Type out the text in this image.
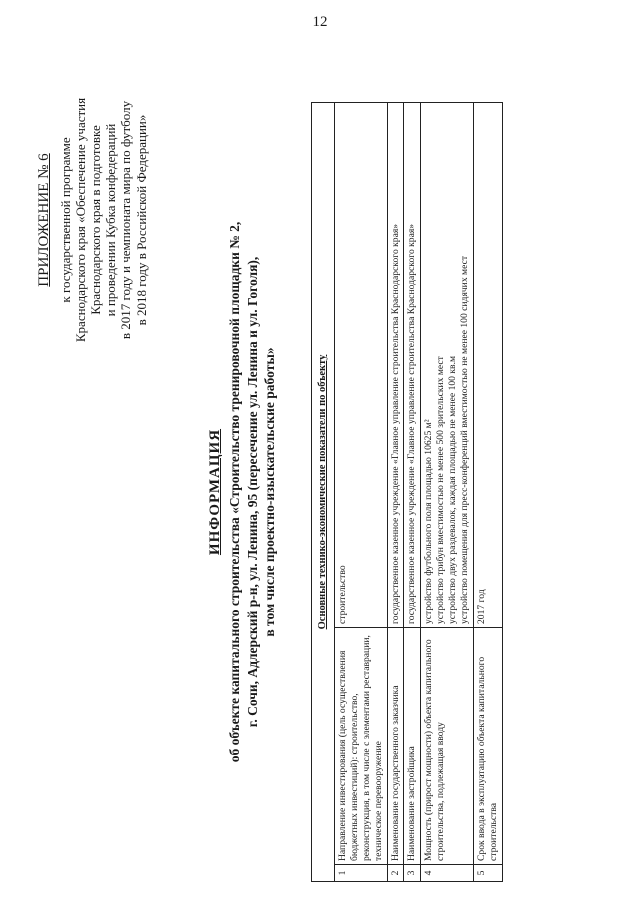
12
ПРИЛОЖЕНИЕ № 6 к государственной программе Краснодарского края «Обеспечение участия Краснодарского края в подготовке и проведении Кубка конфедераций в 2017 году и чемпионата мира по футболу в 2018 году в Российской Федерации»
ИНФОРМАЦИЯ об объекте капитального строительства «Строительство тренировочной площадки № 2, г. Сочи, Адлерский р-н, ул. Ленина, 95 (пересечение ул. Ленина и ул. Гоголя), в том числе проектно-изыскательские работы»	Основные технико-экономические показатели по объекту		
1	Направление инвестирования (цель осуществления бюджетных инвестиций): строительство, реконструкция, в том числе с элементами реставрации, техническое перевооружение	строительство

2	Наименование государственного заказчика	государственное казенное учреждение «Главное управление строительства Краснодарского края»

3	Наименование застройщика	государственное казенное учреждение «Главное управление строительства Краснодарского края»

4	Мощность (прирост мощности) объекта капитального строительства, подлежащая вводу	устройство футбольного поля площадью 10625 м² устройство трибун вместимостью не менее 500 зрительских мест устройство двух раздевалок, каждая площадью не менее 100 кв.м устройство помещения для пресс-конференций вместимостью не менее 100 сидячих мест

5	Срок ввода в эксплуатацию объекта капитального строительства	2017 год
